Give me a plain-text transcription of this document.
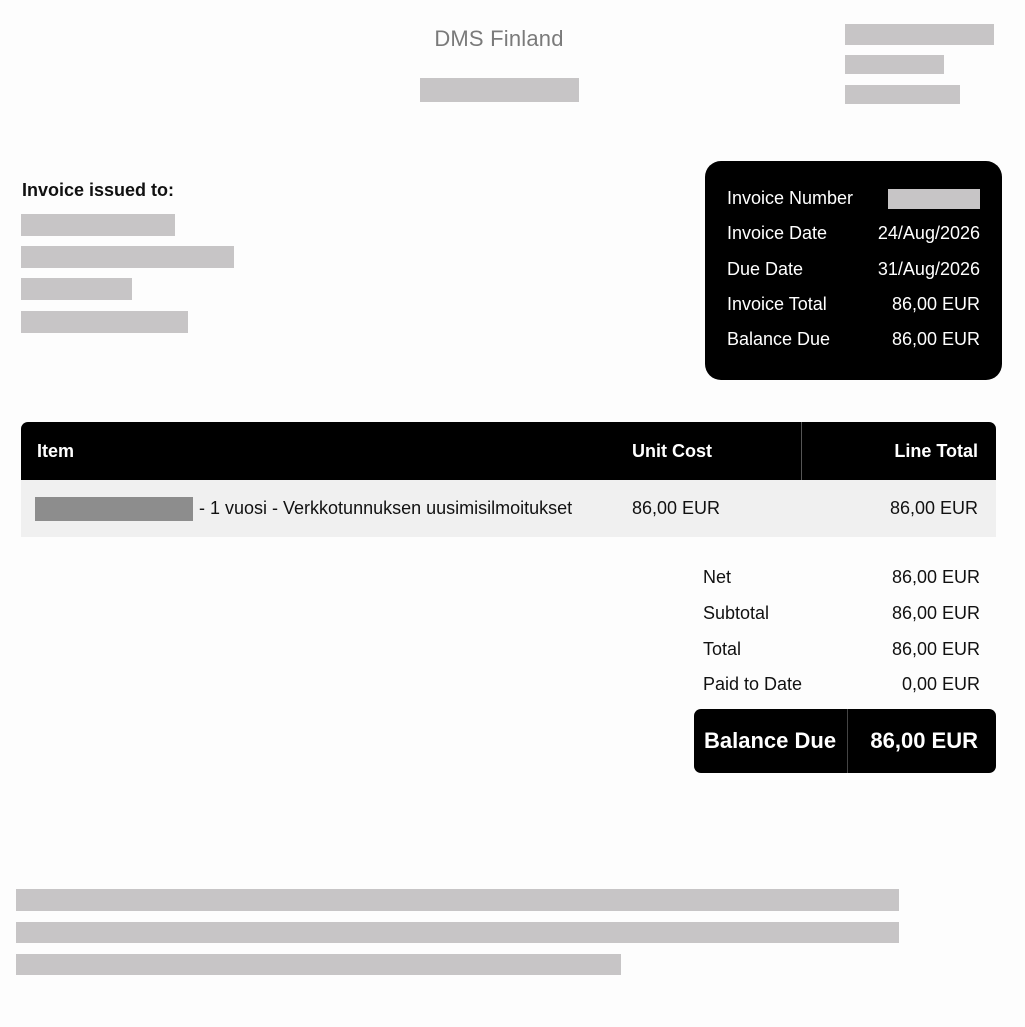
DMS Finland
Invoice issued to:	Invoice Number
Invoice Date	24/Aug/2026
Due Date	31/Aug/2026
Invoice Total	86,00 EUR
Balance Due	86,00 EUR
Item	Unit Cost	Line Total
- 1 vuosi - Verkkotunnuksen uusimisilmoitukset	86,00 EUR	86,00 EUR
Net	86,00 EUR
Subtotal	86,00 EUR
Total	86,00 EUR
Paid to Date	0,00 EUR
Balance Due 86,00 EUR
